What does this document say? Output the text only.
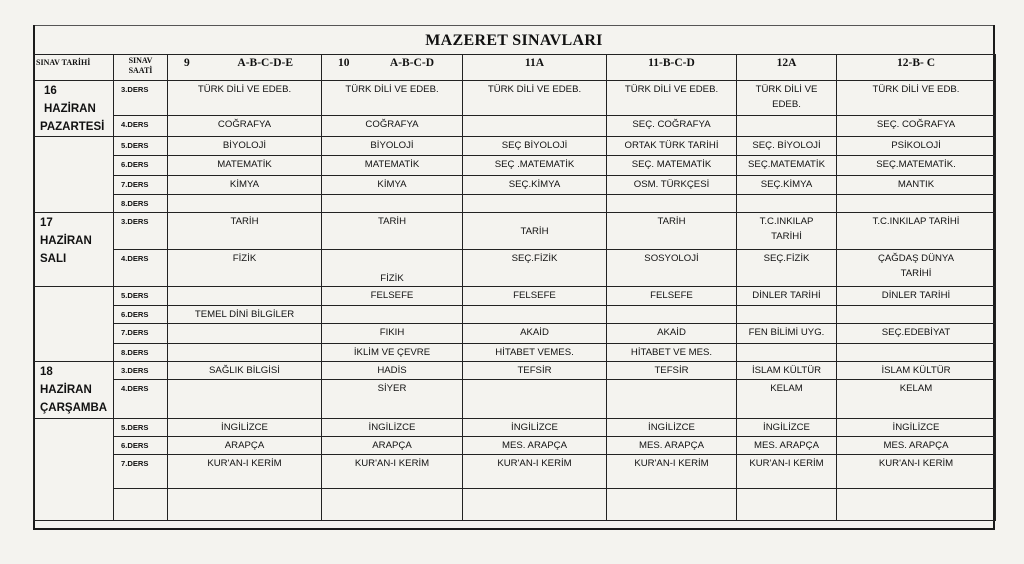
MAZERET SINAVLARI
SINAV TARİHİ	SINAV SAATİ	9 A-B-C-D-E	10 A-B-C-D	11A	11-B-C-D	12A	12-B- C

16
HAZİRAN
PAZARTESİ	3.DERS	TÜRK DİLİ VE EDEB.	TÜRK DİLİ VE EDEB.	TÜRK DİLİ VE EDEB.	TÜRK DİLİ VE EDEB.	TÜRK DİLİ VE EDEB.	TÜRK DİLİ VE EDB.
	4.DERS	COĞRAFYA	COĞRAFYA		SEÇ. COĞRAFYA		SEÇ. COĞRAFYA
	5.DERS	BİYOLOJİ	BİYOLOJİ	SEÇ BİYOLOJİ	ORTAK TÜRK TARİHİ	SEÇ. BİYOLOJİ	PSİKOLOJİ
	6.DERS	MATEMATİK	MATEMATİK	SEÇ .MATEMATİK	SEÇ. MATEMATİK	SEÇ.MATEMATİK	SEÇ.MATEMATİK.
	7.DERS	KİMYA	KİMYA	SEÇ.KİMYA	OSM. TÜRKÇESİ	SEÇ.KİMYA	MANTIK
	8.DERS						

17
HAZİRAN
SALI	3.DERS	TARİH	TARİH	TARİH	TARİH	T.C.INKILAP TARİHİ	T.C.INKILAP TARİHİ
	4.DERS	FİZİK	FİZİK	SEÇ.FİZİK	SOSYOLOJİ	SEÇ.FİZİK	ÇAĞDAŞ DÜNYA TARİHİ
	5.DERS		FELSEFE	FELSEFE	FELSEFE	DİNLER TARİHİ	DİNLER TARİHİ
	6.DERS	TEMEL DİNİ BİLGİLER					
	7.DERS		FIKIH	AKAİD	AKAİD	FEN BİLİMİ UYG.	SEÇ.EDEBİYAT
	8.DERS		İKLİM VE ÇEVRE	HİTABET VEMES.	HİTABET VE MES.		

18
HAZİRAN
ÇARŞAMBA	3.DERS	SAĞLIK BİLGİSİ	HADİS	TEFSİR	TEFSİR	İSLAM KÜLTÜR	İSLAM KÜLTÜR
	4.DERS		SİYER			KELAM	KELAM
	5.DERS	İNGİLİZCE	İNGİLİZCE	İNGİLİZCE	İNGİLİZCE	İNGİLİZCE	İNGİLİZCE
	6.DERS	ARAPÇA	ARAPÇA	MES. ARAPÇA	MES. ARAPÇA	MES. ARAPÇA	MES. ARAPÇA
	7.DERS	KUR'AN-I KERİM	KUR'AN-I KERİM	KUR'AN-I KERİM	KUR'AN-I KERİM	KUR'AN-I KERİM	KUR'AN-I KERİM
